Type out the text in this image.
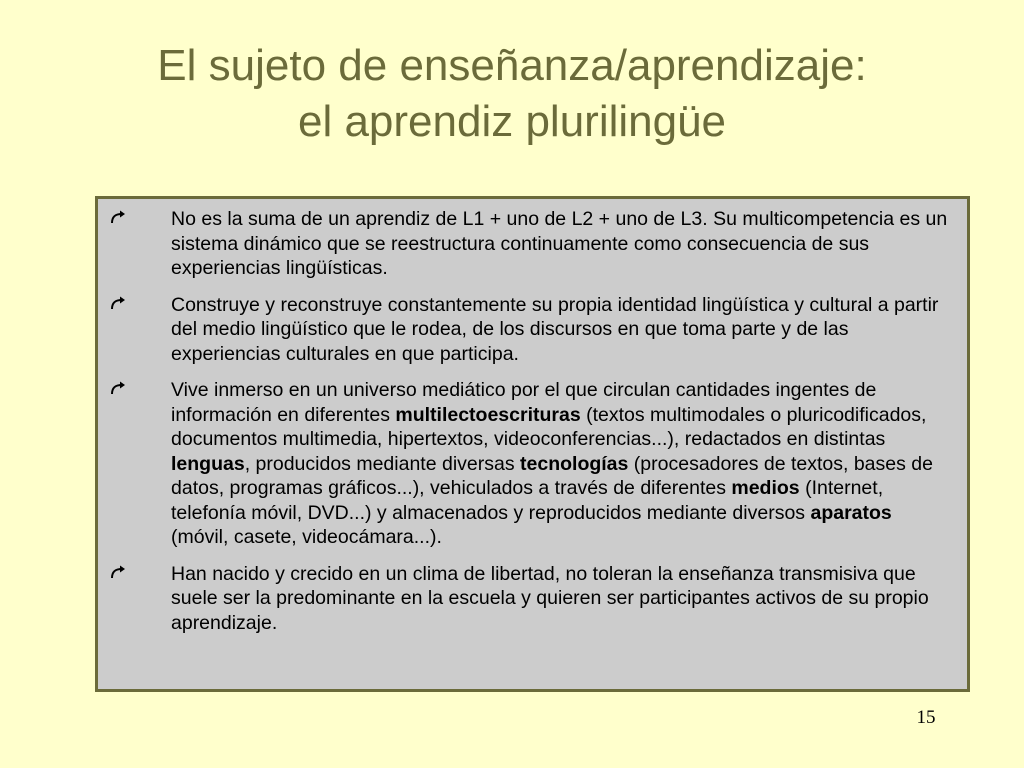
El sujeto de enseñanza/aprendizaje:
el aprendiz plurilingüe
No es la suma de un aprendiz de L1 + uno de L2 + uno de L3. Su multicompetencia es un sistema dinámico que se reestructura continuamente como consecuencia de sus experiencias lingüísticas.
Construye y reconstruye constantemente su propia identidad lingüística y cultural a partir del medio lingüístico que le rodea, de los discursos en que toma parte y de las experiencias culturales en que participa.
Vive inmerso en un universo mediático por el que circulan cantidades ingentes de información en diferentes multilectoescrituras (textos multimodales o pluricodificados, documentos multimedia, hipertextos, videoconferencias...), redactados en distintas lenguas, producidos mediante diversas tecnologías (procesadores de textos, bases de datos, programas gráficos...), vehiculados a través de diferentes medios (Internet, telefonía móvil, DVD...) y almacenados y reproducidos mediante diversos aparatos (móvil, casete, videocámara...).
Han nacido y crecido en un clima de libertad, no toleran la enseñanza transmisiva que suele ser la predominante en la escuela y quieren ser participantes activos de su propio aprendizaje.
15
